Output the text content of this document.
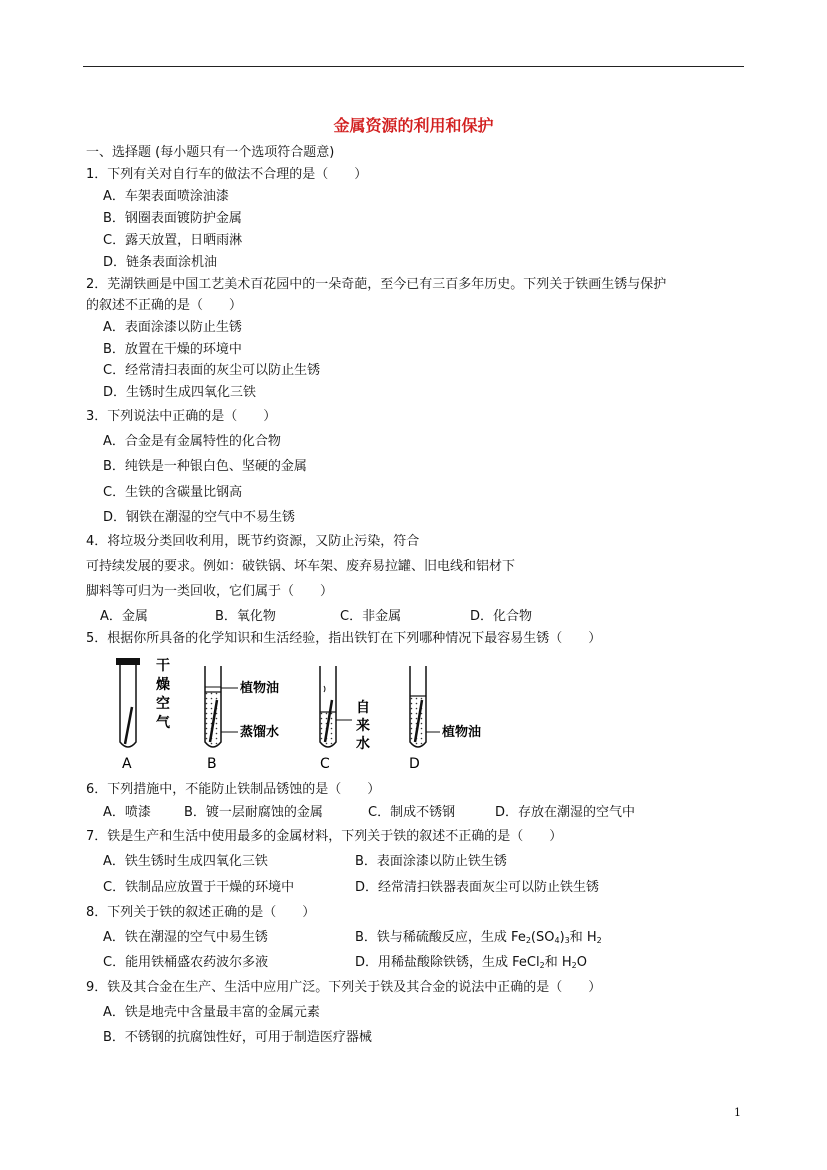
金属资源的利用和保护
一、选择题 (每小题只有一个选项符合题意)
1．下列有关对自行车的做法不合理的是（　　）
A．车架表面喷涂油漆
B．钢圈表面镀防护金属
C．露天放置，日晒雨淋
D．链条表面涂机油
2．芜湖铁画是中国工艺美术百花园中的一朵奇葩，至今已有三百多年历史。下列关于铁画生锈与保护
的叙述不正确的是（　　）
A．表面涂漆以防止生锈
B．放置在干燥的环境中
C．经常清扫表面的灰尘可以防止生锈
D．生锈时生成四氧化三铁
3．下列说法中正确的是（　　）
A．合金是有金属特性的化合物
B．纯铁是一种银白色、坚硬的金属
C．生铁的含碳量比钢高
D．钢铁在潮湿的空气中不易生锈
4．将垃圾分类回收利用，既节约资源，又防止污染，符合
可持续发展的要求。例如：破铁锅、坏车架、废弃易拉罐、旧电线和铝材下
脚料等可归为一类回收，它们属于（　　）
A．金属	B．氧化物	C．非金属	D．化合物
5．根据你所具备的化学知识和生活经验，指出铁钉在下列哪种情况下最容易生锈（　　）
干
燥
空
气
A
植物油
蒸馏水
B
自
来
水
C
植物油
D
6．下列措施中，不能防止铁制品锈蚀的是（　　）
A．喷漆	B．镀一层耐腐蚀的金属	C．制成不锈钢	D．存放在潮湿的空气中
7．铁是生产和生活中使用最多的金属材料，下列关于铁的叙述不正确的是（　　）
A．铁生锈时生成四氧化三铁	B．表面涂漆以防止铁生锈
C．铁制品应放置于干燥的环境中	D．经常清扫铁器表面灰尘可以防止铁生锈
8．下列关于铁的叙述正确的是（　　）
A．铁在潮湿的空气中易生锈	B．铁与稀硫酸反应，生成 $Fe_2(SO_4)_3$和 $H_2$
C．能用铁桶盛农药波尔多液	D．用稀盐酸除铁锈，生成 FeCl$_2$和 $H_2O$
9．铁及其合金在生产、生活中应用广泛。下列关于铁及其合金的说法中正确的是（　　）
A．铁是地壳中含量最丰富的金属元素
B．不锈钢的抗腐蚀性好，可用于制造医疗器械
1
